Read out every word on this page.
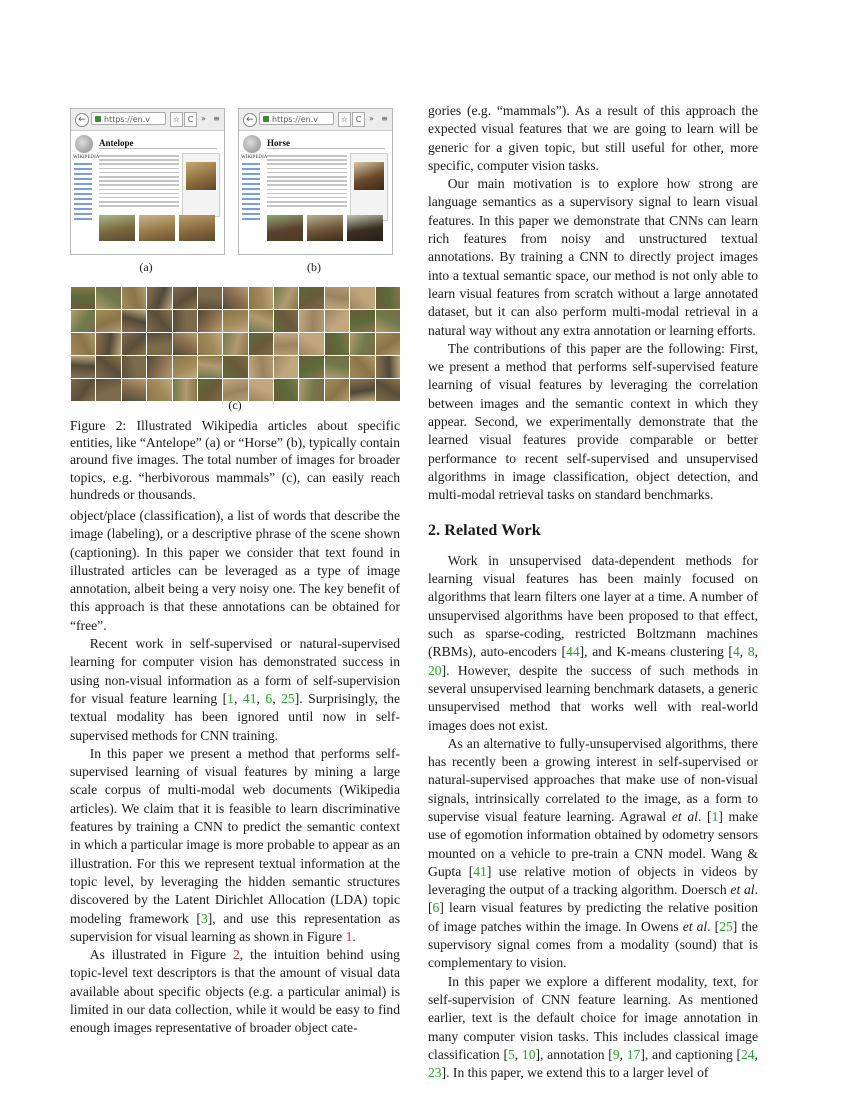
←	https://en.v	☆ C » ≡
WIKIPEDIA
Antelope
(a)
←	https://en.v	☆ C » ≡
WIKIPEDIA
Horse
(b)
(c)
Figure 2: Illustrated Wikipedia articles about specific entities, like “Antelope” (a) or “Horse” (b), typically contain around five images. The total number of images for broader topics, e.g. “herbivorous mammals” (c), can easily reach hundreds or thousands.

object/place (classification), a list of words that describe the image (labeling), or a descriptive phrase of the scene shown (captioning). In this paper we consider that text found in illustrated articles can be leveraged as a type of image annotation, albeit being a very noisy one. The key benefit of this approach is that these annotations can be obtained for “free”.

Recent work in self-supervised or natural-supervised learning for computer vision has demonstrated success in using non-visual information as a form of self-supervision for visual feature learning [1, 41, 6, 25]. Surprisingly, the textual modality has been ignored until now in self-supervised methods for CNN training.

In this paper we present a method that performs self-supervised learning of visual features by mining a large scale corpus of multi-modal web documents (Wikipedia articles). We claim that it is feasible to learn discriminative features by training a CNN to predict the semantic context in which a particular image is more probable to appear as an illustration. For this we represent textual information at the topic level, by leveraging the hidden semantic structures discovered by the Latent Dirichlet Allocation (LDA) topic modeling framework [3], and use this representation as supervision for visual learning as shown in Figure 1.

As illustrated in Figure 2, the intuition behind using topic-level text descriptors is that the amount of visual data available about specific objects (e.g. a particular animal) is limited in our data collection, while it would be easy to find enough images representative of broader object cate-

gories (e.g. “mammals”). As a result of this approach the expected visual features that we are going to learn will be generic for a given topic, but still useful for other, more specific, computer vision tasks.

Our main motivation is to explore how strong are language semantics as a supervisory signal to learn visual features. In this paper we demonstrate that CNNs can learn rich features from noisy and unstructured textual annotations. By training a CNN to directly project images into a textual semantic space, our method is not only able to learn visual features from scratch without a large annotated dataset, but it can also perform multi-modal retrieval in a natural way without any extra annotation or learning efforts.

The contributions of this paper are the following: First, we present a method that performs self-supervised feature learning of visual features by leveraging the correlation between images and the semantic context in which they appear. Second, we experimentally demonstrate that the learned visual features provide comparable or better performance to recent self-supervised and unsupervised algorithms in image classification, object detection, and multi-modal retrieval tasks on standard benchmarks.

2. Related Work

Work in unsupervised data-dependent methods for learning visual features has been mainly focused on algorithms that learn filters one layer at a time. A number of unsupervised algorithms have been proposed to that effect, such as sparse-coding, restricted Boltzmann machines (RBMs), auto-encoders [44], and K-means clustering [4, 8, 20]. However, despite the success of such methods in several unsupervised learning benchmark datasets, a generic unsupervised method that works well with real-world images does not exist.

As an alternative to fully-unsupervised algorithms, there has recently been a growing interest in self-supervised or natural-supervised approaches that make use of non-visual signals, intrinsically correlated to the image, as a form to supervise visual feature learning. Agrawal et al. [1] make use of egomotion information obtained by odometry sensors mounted on a vehicle to pre-train a CNN model. Wang & Gupta [41] use relative motion of objects in videos by leveraging the output of a tracking algorithm. Doersch et al. [6] learn visual features by predicting the relative position of image patches within the image. In Owens et al. [25] the supervisory signal comes from a modality (sound) that is complementary to vision.

In this paper we explore a different modality, text, for self-supervision of CNN feature learning. As mentioned earlier, text is the default choice for image annotation in many computer vision tasks. This includes classical image classification [5, 10], annotation [9, 17], and captioning [24, 23]. In this paper, we extend this to a larger level of
